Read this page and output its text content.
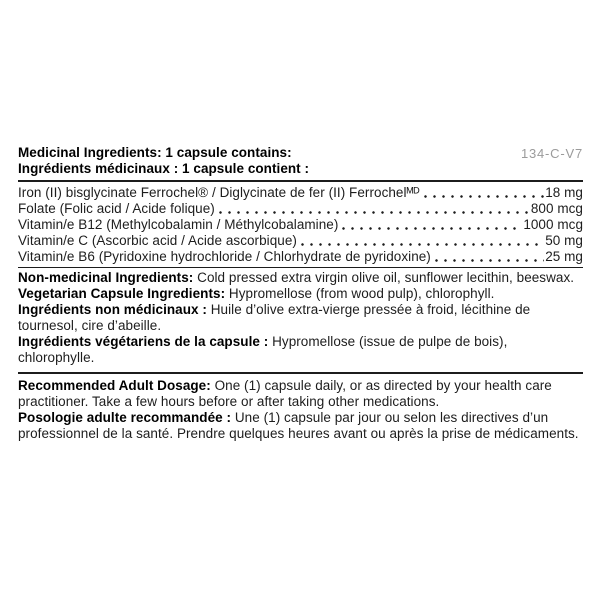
Medicinal Ingredients: 1 capsule contains:
Ingrédients médicinaux : 1 capsule contient :
134-C-V7
Iron (II) bisglycinate Ferrochel® / Diglycinate de fer (II) Ferrochelᴹᴰ	18 mg
Folate (Folic acid / Acide folique)	800 mcg
Vitamin/e B12 (Methylcobalamin / Méthylcobalamine)	1000 mcg
Vitamin/e C (Ascorbic acid / Acide ascorbique)	50 mg
Vitamin/e B6 (Pyridoxine hydrochloride / Chlorhydrate de pyridoxine)	25 mg

Non-medicinal Ingredients: Cold pressed extra virgin olive oil, sunflower lecithin, beeswax.

Vegetarian Capsule Ingredients: Hypromellose (from wood pulp), chlorophyll.

Ingrédients non médicinaux : Huile d’olive extra-vierge pressée à froid, lécithine de tournesol, cire d’abeille.

Ingrédients végétariens de la capsule : Hypromellose (issue de pulpe de bois), chlorophylle.

Recommended Adult Dosage: One (1) capsule daily, or as directed by your health care practitioner. Take a few hours before or after taking other medications.

Posologie adulte recommandée : Une (1) capsule par jour ou selon les directives d’un professionnel de la santé. Prendre quelques heures avant ou après la prise de médicaments.
